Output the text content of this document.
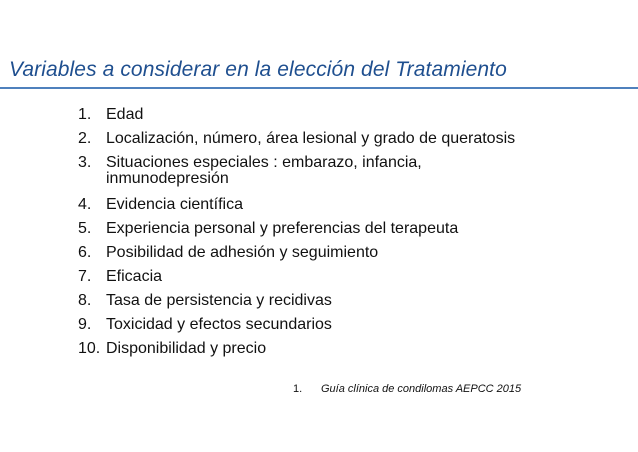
Variables a considerar en la elección del Tratamiento
1. Edad
2. Localización, número, área lesional y grado de queratosis
3. Situaciones especiales : embarazo, infancia, inmunodepresión
4. Evidencia científica
5. Experiencia personal y preferencias del terapeuta
6. Posibilidad de adhesión y seguimiento
7. Eficacia
8. Tasa de persistencia y recidivas
9. Toxicidad y efectos secundarios
10. Disponibilidad y precio
1. Guía clínica de condilomas AEPCC 2015
